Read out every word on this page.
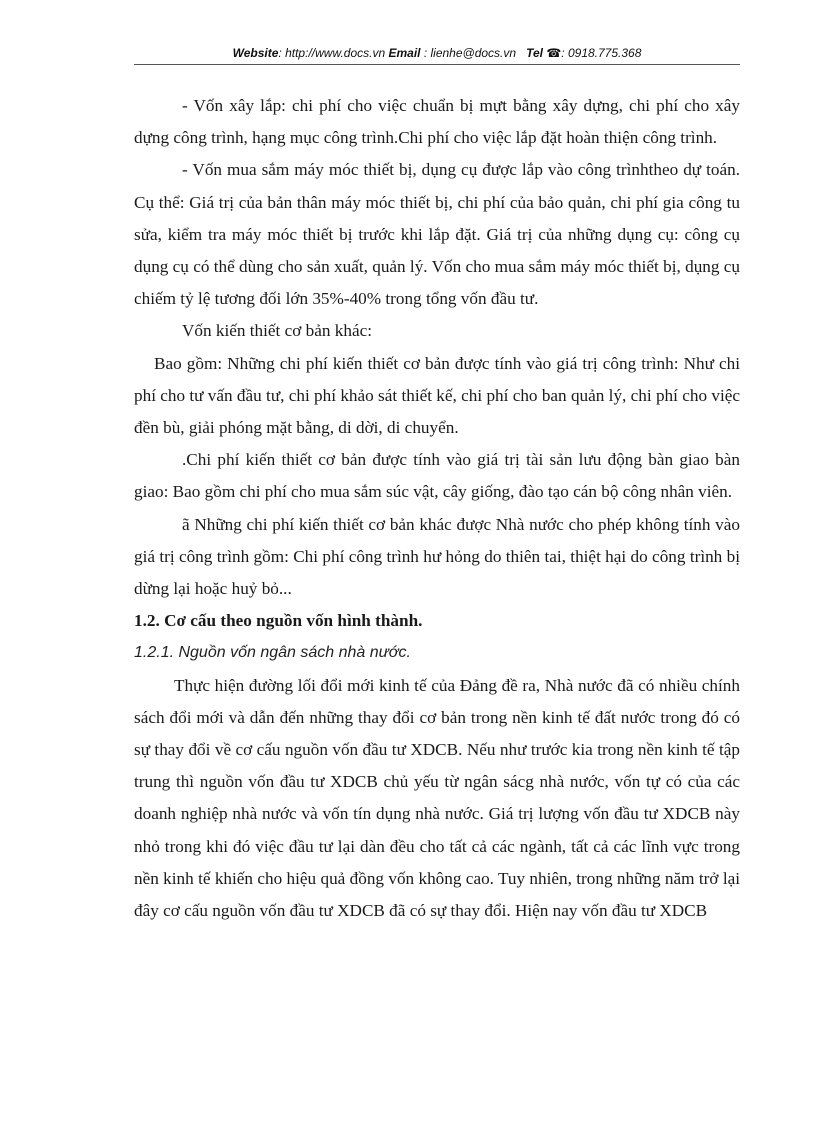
Website: http://www.docs.vn Email : lienhe@docs.vn Tel ☎: 0918.775.368

- Vốn xây lắp: chi phí cho việc chuẩn bị mựt bằng xây dựng, chi phí cho xây dựng công trình, hạng mục công trình.Chi phí cho việc lắp đặt hoàn thiện công trình.

- Vốn mua sắm máy móc thiết bị, dụng cụ được lắp vào công trìnhtheo dự toán. Cụ thể: Giá trị của bản thân máy móc thiết bị, chi phí của bảo quản, chi phí gia công tu sửa, kiểm tra máy móc thiết bị trước khi lắp đặt. Giá trị của những dụng cụ: công cụ dụng cụ có thể dùng cho sản xuất, quản lý. Vốn cho mua sắm máy móc thiết bị, dụng cụ chiếm tỷ lệ tương đối lớn 35%-40% trong tổng vốn đầu tư.

Vốn kiến thiết cơ bản khác:

Bao gồm: Những chi phí kiến thiết cơ bản được tính vào giá trị công trình: Như chi phí cho tư vấn đầu tư, chi phí khảo sát thiết kế, chi phí cho ban quản lý, chi phí cho việc đền bù, giải phóng mặt bằng, di dời, di chuyển.

.Chi phí kiến thiết cơ bản được tính vào giá trị tài sản lưu động bàn giao bàn giao: Bao gồm chi phí cho mua sắm súc vật, cây giống, đào tạo cán bộ công nhân viên.

ã Những chi phí kiến thiết cơ bản khác được Nhà nước cho phép không tính vào giá trị công trình gồm: Chi phí công trình hư hỏng do thiên tai, thiệt hại do công trình bị dừng lại hoặc huỷ bỏ...

1.2. Cơ cấu theo nguồn vốn hình thành.

1.2.1. Nguồn vốn ngân sách nhà nước.

Thực hiện đường lối đổi mới kinh tế của Đảng đề ra, Nhà nước đã có nhiều chính sách đổi mới và dẫn đến những thay đổi cơ bản trong nền kinh tế đất nước trong đó có sự thay đổi về cơ cấu nguồn vốn đầu tư XDCB. Nếu như trước kia trong nền kinh tế tập trung thì nguồn vốn đầu tư XDCB chủ yếu từ ngân sácg nhà nước, vốn tự có của các doanh nghiệp nhà nước và vốn tín dụng nhà nước. Giá trị lượng vốn đầu tư XDCB này nhỏ trong khi đó việc đầu tư lại dàn đều cho tất cả các ngành, tất cả các lĩnh vực trong nền kinh tế khiến cho hiệu quả đồng vốn không cao. Tuy nhiên, trong những năm trở lại đây cơ cấu nguồn vốn đầu tư XDCB đã có sự thay đổi. Hiện nay vốn đầu tư XDCB
